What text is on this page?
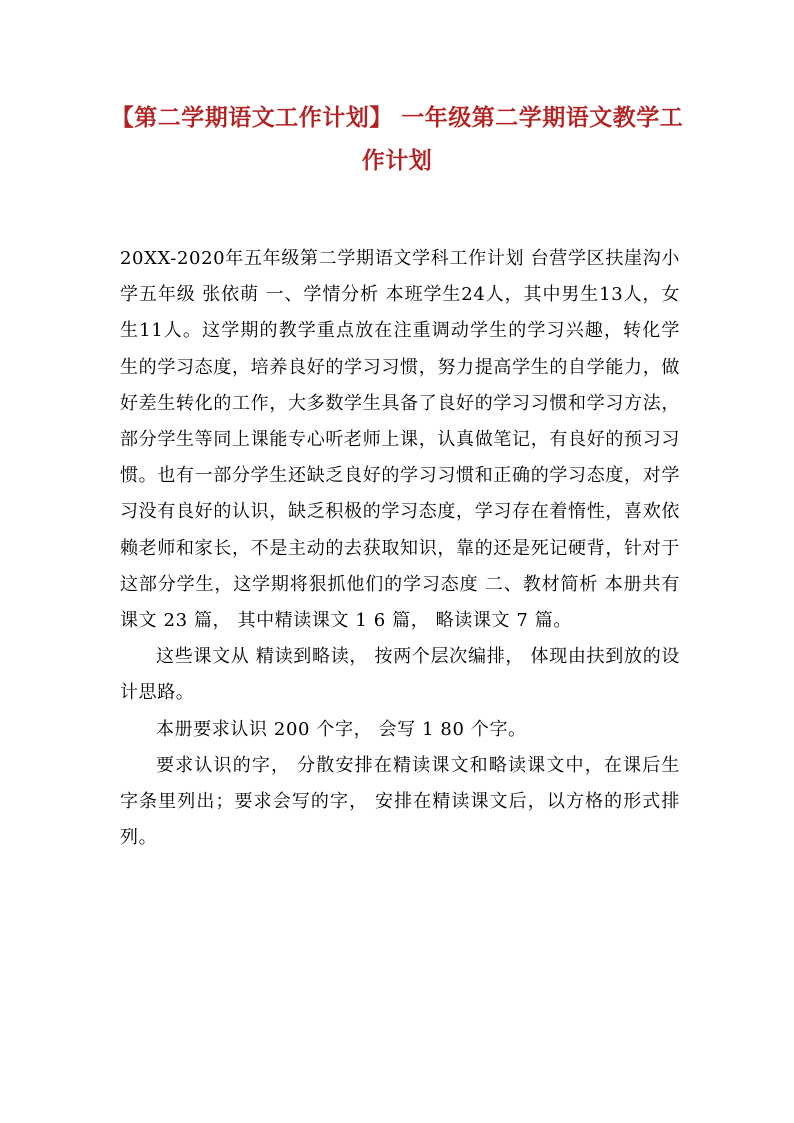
【第二学期语文工作计划】 一年级第二学期语文教学工作计划

20XX-2020年五年级第二学期语文学科工作计划 台营学区扶崖沟小学五年级 张依萌 一、学情分析 本班学生24人，其中男生13人，女生11人。这学期的教学重点放在注重调动学生的学习兴趣，转化学生的学习态度，培养良好的学习习惯，努力提高学生的自学能力，做好差生转化的工作，大多数学生具备了良好的学习习惯和学习方法，部分学生等同上课能专心听老师上课，认真做笔记，有良好的预习习惯。也有一部分学生还缺乏良好的学习习惯和正确的学习态度，对学习没有良好的认识，缺乏积极的学习态度，学习存在着惰性，喜欢依赖老师和家长，不是主动的去获取知识，靠的还是死记硬背，针对于这部分学生，这学期将狠抓他们的学习态度 二、教材简析 本册共有课文 23 篇， 其中精读课文 1 6 篇， 略读课文 7 篇。

这些课文从 精读到略读， 按两个层次编排， 体现由扶到放的设计思路。

本册要求认识 200 个字， 会写 1 80 个字。

要求认识的字， 分散安排在精读课文和略读课文中，在课后生字条里列出；要求会写的字， 安排在精读课文后，以方格的形式排列。
